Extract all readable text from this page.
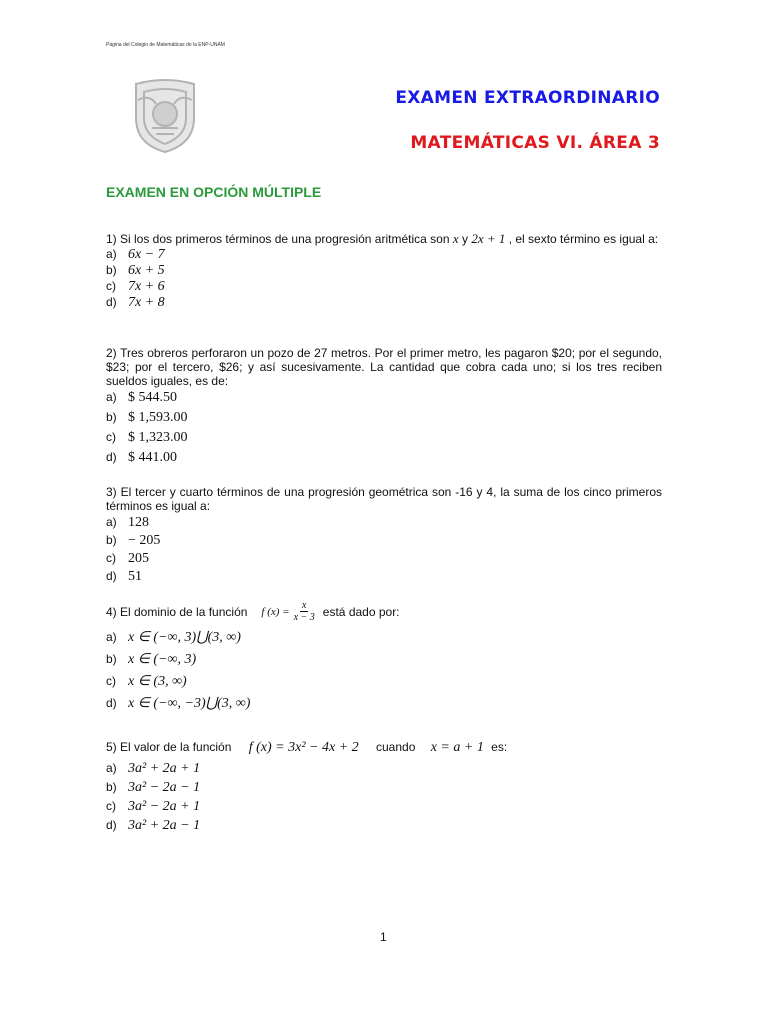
Página del Colegio de Matemáticas de la ENP-UNAM
EXAMEN EXTRAORDINARIO
MATEMÁTICAS VI. ÁREA 3
EXAMEN EN OPCIÓN MÚLTIPLE
1) Si los dos primeros términos de una progresión aritmética son x y 2x + 1 , el sexto término es igual a:
a) 6x − 7
b) 6x + 5
c) 7x + 6
d) 7x + 8
2) Tres obreros perforaron un pozo de 27 metros. Por el primer metro, les pagaron $20; por el segundo, $23; por el tercero, $26; y así sucesivamente. La cantidad que cobra cada uno; si los tres reciben sueldos iguales, es de:
a) $ 544.50
b) $ 1,593.00
c) $ 1,323.00
d) $ 441.00
3) El tercer y cuarto términos de una progresión geométrica son -16 y 4, la suma de los cinco primeros términos es igual a:
a) 128
b) − 205
c) 205
d) 51
4) El dominio de la función f $(x) = \frac{x}{x - 3}$ está dado por:
a) x ∈ (−∞, 3)⋃(3, ∞)
b) x ∈ (−∞, 3)
c) x ∈ (3, ∞)
d) x ∈ (−∞, −3)⋃(3, ∞)
5) El valor de la función f (x) = 3x² − 4x + 2 cuando x = a + 1 es:
a) 3a² + 2a + 1
b) 3a² − 2a − 1
c) 3a² − 2a + 1
d) 3a² + 2a − 1
1
